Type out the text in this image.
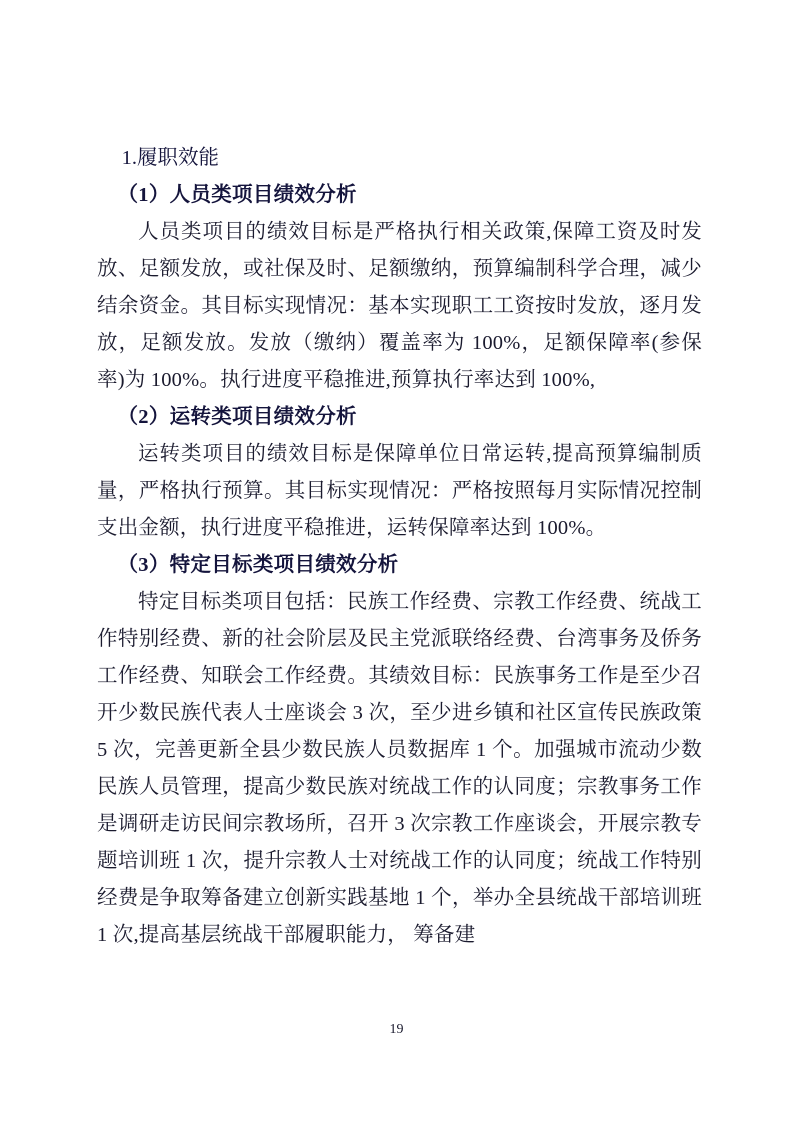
1.履职效能

（1）人员类项目绩效分析

人员类项目的绩效目标是严格执行相关政策,保障工资及时发放、足额发放，或社保及时、足额缴纳，预算编制科学合理，减少结余资金。其目标实现情况：基本实现职工工资按时发放，逐月发放，足额发放。发放（缴纳）覆盖率为 100%，足额保障率(参保率)为 100%。执行进度平稳推进,预算执行率达到 100%,

（2）运转类项目绩效分析

运转类项目的绩效目标是保障单位日常运转,提高预算编制质量，严格执行预算。其目标实现情况：严格按照每月实际情况控制支出金额，执行进度平稳推进，运转保障率达到 100%。

（3）特定目标类项目绩效分析

特定目标类项目包括：民族工作经费、宗教工作经费、统战工作特别经费、新的社会阶层及民主党派联络经费、台湾事务及侨务工作经费、知联会工作经费。其绩效目标：民族事务工作是至少召开少数民族代表人士座谈会 3 次，至少进乡镇和社区宣传民族政策 5 次，完善更新全县少数民族人员数据库 1 个。加强城市流动少数民族人员管理，提高少数民族对统战工作的认同度；宗教事务工作是调研走访民间宗教场所，召开 3 次宗教工作座谈会，开展宗教专题培训班 1 次，提升宗教人士对统战工作的认同度；统战工作特别经费是争取筹备建立创新实践基地 1 个，举办全县统战干部培训班 1 次,提高基层统战干部履职能力， 筹备建

19
